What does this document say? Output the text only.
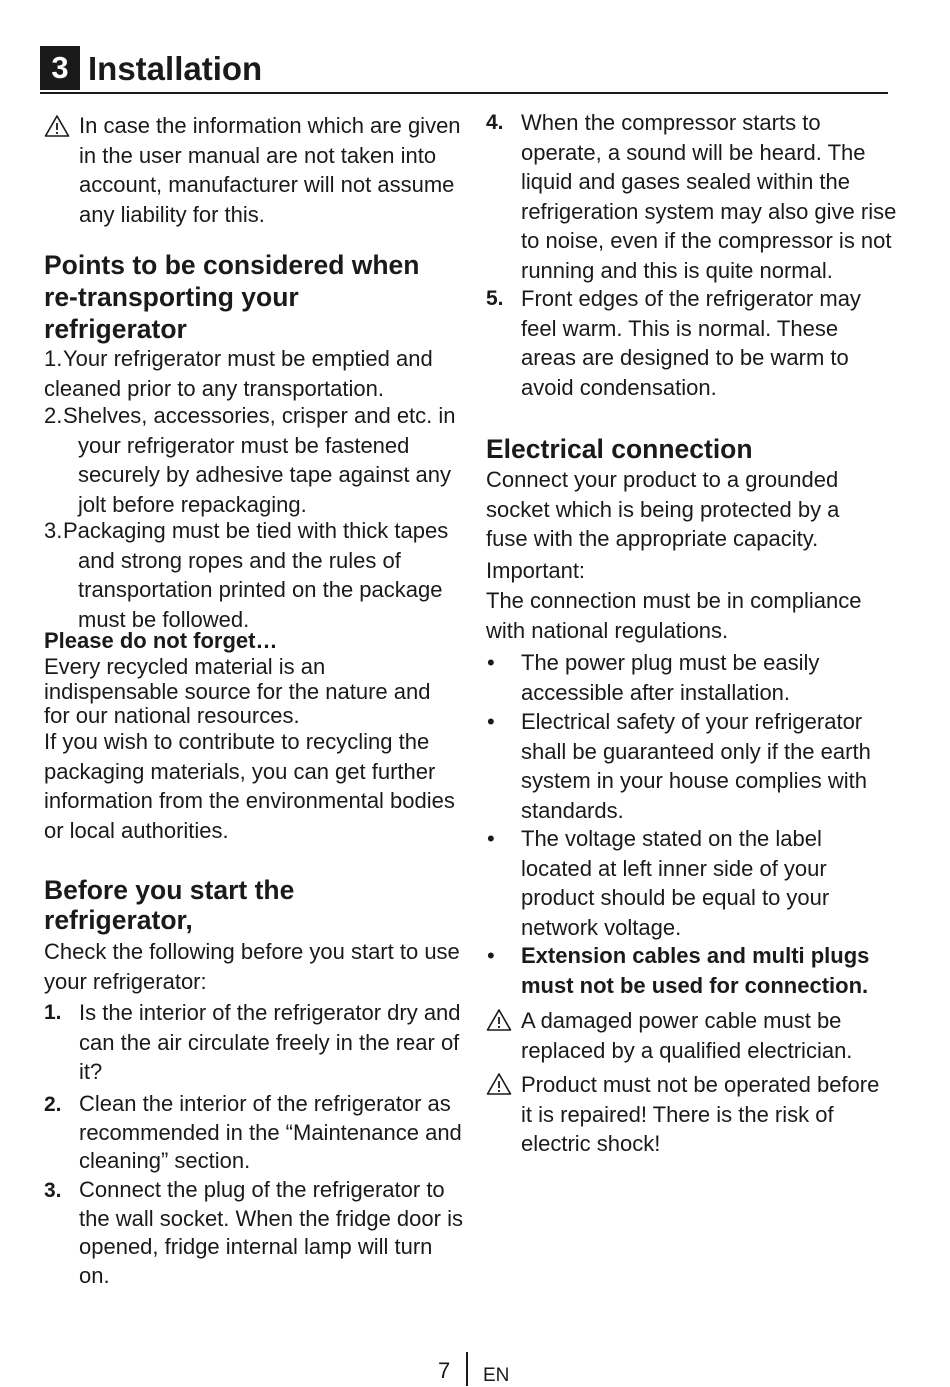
3 Installation

In case the information which are given in the user manual are not taken into account, manufacturer will not assume any liability for this.

Points to be considered when re-transporting your refrigerator
1. Your refrigerator must be emptied and cleaned prior to any transportation.

2. Shelves, accessories, crisper and etc. in your refrigerator must be fastened securely by adhesive tape against any jolt before repackaging.

3. Packaging must be tied with thick tapes and strong ropes and the rules of transportation printed on the package must be followed.

Please do not forget…

Every recycled material is an indispensable source for the nature and for our national resources.

If you wish to contribute to recycling the packaging materials, you can get further information from the environmental bodies or local authorities.

Before you start the refrigerator,

Check the following before you start to use your refrigerator:

1. Is the interior of the refrigerator dry and can the air circulate freely in the rear of it?

2. Clean the interior of the refrigerator as recommended in the “Maintenance and cleaning” section.

3. Connect the plug of the refrigerator to the wall socket. When the fridge door is opened, fridge internal lamp will turn on.

4. When the compressor starts to operate, a sound will be heard. The liquid and gases sealed within the refrigeration system may also give rise to noise, even if the compressor is not running and this is quite normal.

5. Front edges of the refrigerator may feel warm. This is normal. These areas are designed to be warm to avoid condensation.

Electrical connection

Connect your product to a grounded socket which is being protected by a fuse with the appropriate capacity.

Important:

The connection must be in compliance with national regulations.

• The power plug must be easily accessible after installation.

• Electrical safety of your refrigerator shall be guaranteed only if the earth system in your house complies with standards.

• The voltage stated on the label located at left inner side of your product should be equal to your network voltage.

• Extension cables and multi plugs must not be used for connection.

A damaged power cable must be replaced by a qualified electrician.

Product must not be operated before it is repaired! There is the risk of electric shock!

7 EN
